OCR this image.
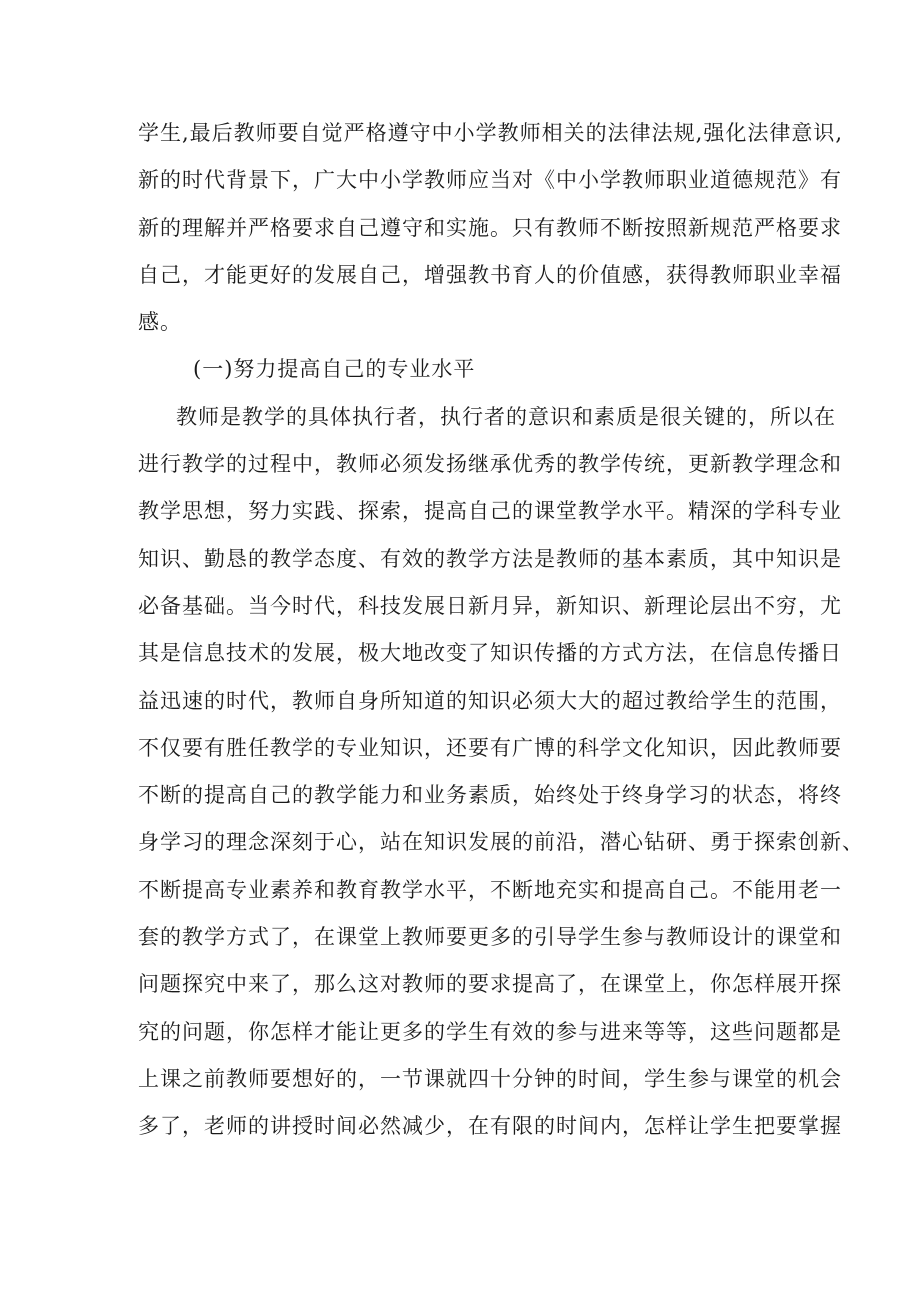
学生,最后教师要自觉严格遵守中小学教师相关的法律法规,强化法律意识,
新的时代背景下，广大中小学教师应当对《中小学教师职业道德规范》有
新的理解并严格要求自己遵守和实施。只有教师不断按照新规范严格要求
自己，才能更好的发展自己，增强教书育人的价值感，获得教师职业幸福
感。
(一)努力提高自己的专业水平
教师是教学的具体执行者，执行者的意识和素质是很关键的，所以在
进行教学的过程中，教师必须发扬继承优秀的教学传统，更新教学理念和
教学思想，努力实践、探索，提高自己的课堂教学水平。精深的学科专业
知识、勤恳的教学态度、有效的教学方法是教师的基本素质，其中知识是
必备基础。当今时代，科技发展日新月异，新知识、新理论层出不穷，尤
其是信息技术的发展，极大地改变了知识传播的方式方法，在信息传播日
益迅速的时代，教师自身所知道的知识必须大大的超过教给学生的范围，
不仅要有胜任教学的专业知识，还要有广博的科学文化知识，因此教师要
不断的提高自己的教学能力和业务素质，始终处于终身学习的状态，将终
身学习的理念深刻于心，站在知识发展的前沿，潜心钻研、勇于探索创新、
不断提高专业素养和教育教学水平，不断地充实和提高自己。不能用老一
套的教学方式了，在课堂上教师要更多的引导学生参与教师设计的课堂和
问题探究中来了，那么这对教师的要求提高了，在课堂上，你怎样展开探
究的问题，你怎样才能让更多的学生有效的参与进来等等，这些问题都是
上课之前教师要想好的，一节课就四十分钟的时间，学生参与课堂的机会
多了，老师的讲授时间必然减少，在有限的时间内，怎样让学生把要掌握
